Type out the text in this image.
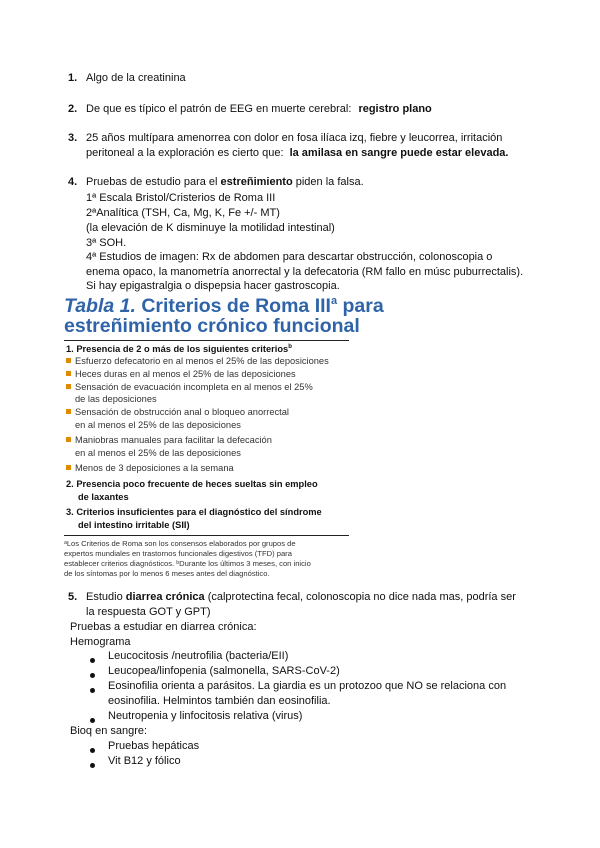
1. Algo de la creatinina
2. De que es típico el patrón de EEG en muerte cerebral: registro plano
3. 25 años multípara amenorrea con dolor en fosa ilíaca izq, fiebre y leucorrea, irritación
peritoneal a la exploración es cierto que: la amilasa en sangre puede estar elevada.
4. Pruebas de estudio para el estreñimiento piden la falsa.
1ª Escala Bristol/Cristerios de Roma III
2ªAnalítica (TSH, Ca, Mg, K, Fe +/- MT)
(la elevación de K disminuye la motilidad intestinal)
3ª SOH.
4ª Estudios de imagen: Rx de abdomen para descartar obstrucción, colonoscopia o
enema opaco, la manometría anorrectal y la defecatoria (RM fallo en músc puburrectalis).
Si hay epigastralgia o dispepsia hacer gastroscopia.
Tabla 1. Criterios de Roma III$^a$ para
estreñimiento crónico funcional
1. Presencia de 2 o más de los siguientes criterios$^b$
Esfuerzo defecatorio en al menos el 25% de las deposiciones
Heces duras en al menos el 25% de las deposiciones
Sensación de evacuación incompleta en al menos el 25%
de las deposiciones
Sensación de obstrucción anal o bloqueo anorrectal
en al menos el 25% de las deposiciones
Maniobras manuales para facilitar la defecación
en al menos el 25% de las deposiciones
Menos de 3 deposiciones a la semana
2. Presencia poco frecuente de heces sueltas sin empleo
de laxantes
3. Criterios insuficientes para el diagnóstico del síndrome
del intestino irritable (SII)
ᵃLos Criterios de Roma son los consensos elaborados por grupos de
expertos mundiales en trastornos funcionales digestivos (TFD) para
establecer criterios diagnósticos. ᵇDurante los últimos 3 meses, con inicio
de los síntomas por lo menos 6 meses antes del diagnóstico.
5. Estudio diarrea crónica (calprotectina fecal, colonoscopia no dice nada mas, podría ser
la respuesta GOT y GPT)
Pruebas a estudiar en diarrea crónica:
Hemograma
Leucocitosis /neutrofilia (bacteria/EII)
Leucopea/linfopenia (salmonella, SARS-CoV-2)
Eosinofilia orienta a parásitos. La giardia es un protozoo que NO se relaciona con
eosinofilia. Helmintos también dan eosinofilia.
Neutropenia y linfocitosis relativa (virus)
Bioq en sangre:
Pruebas hepáticas
Vit B12 y fólico
